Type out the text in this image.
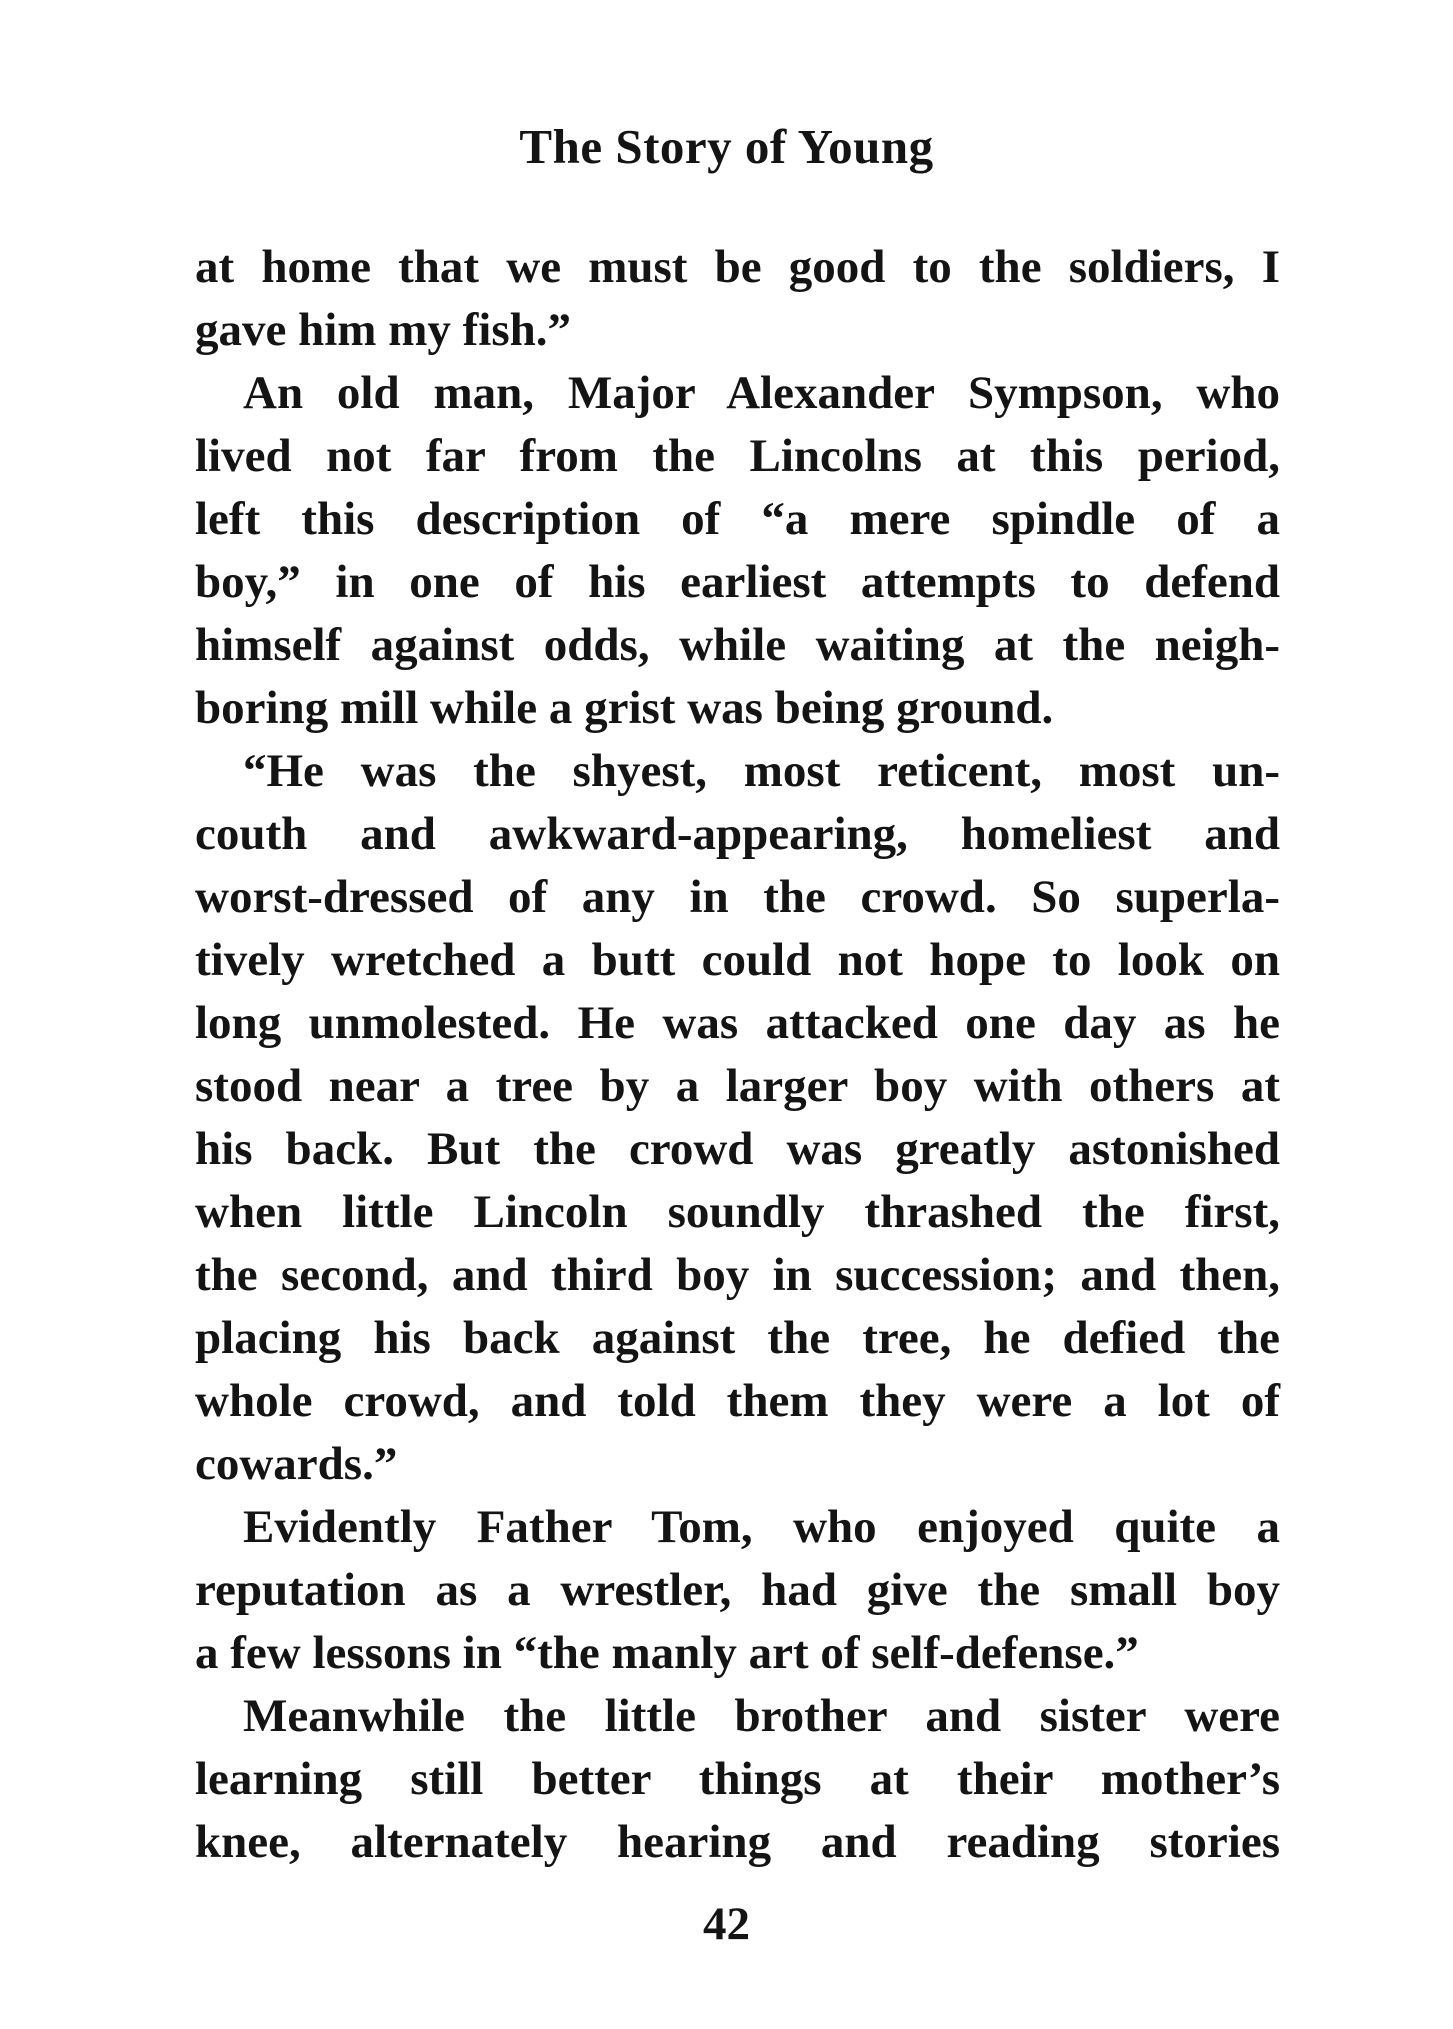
The Story of Young
at home that we must be good to the soldiers, I
gave him my fish.”
An old man, Major Alexander Sympson, who
lived not far from the Lincolns at this period,
left this description of “a mere spindle of a
boy,” in one of his earliest attempts to defend
himself against odds, while waiting at the neigh-
boring mill while a grist was being ground.
“He was the shyest, most reticent, most un-
couth and awkward-appearing, homeliest and
worst-dressed of any in the crowd. So superla-
tively wretched a butt could not hope to look on
long unmolested. He was attacked one day as he
stood near a tree by a larger boy with others at
his back. But the crowd was greatly astonished
when little Lincoln soundly thrashed the first,
the second, and third boy in succession; and then,
placing his back against the tree, he defied the
whole crowd, and told them they were a lot of
cowards.”
Evidently Father Tom, who enjoyed quite a
reputation as a wrestler, had give the small boy
a few lessons in “the manly art of self-defense.”
Meanwhile the little brother and sister were
learning still better things at their mother’s
knee, alternately hearing and reading stories
42
